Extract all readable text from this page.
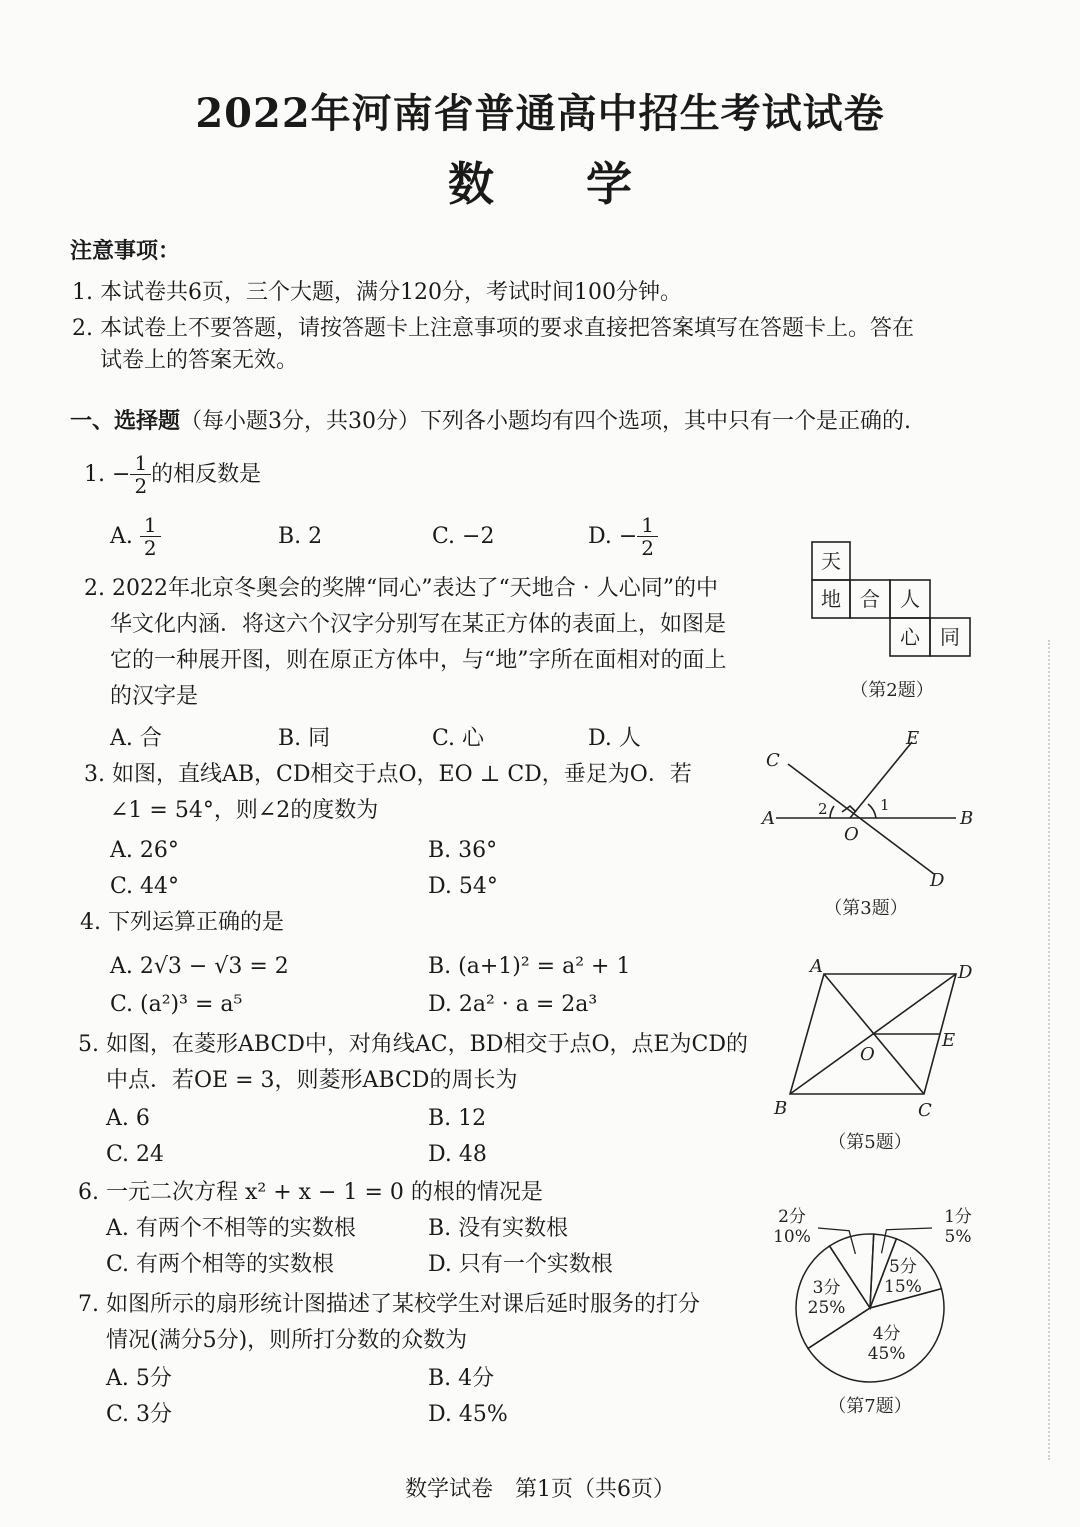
2022年河南省普通高中招生考试试卷
数 学
注意事项：
1. 本试卷共6页，三个大题，满分120分，考试时间100分钟。
2. 本试卷上不要答题，请按答题卡上注意事项的要求直接把答案填写在答题卡上。答在
试卷上的答案无效。
一、选择题（每小题3分，共30分）下列各小题均有四个选项，其中只有一个是正确的.
1.
− $\frac{1}{2}$ 的相反数是
A.
$\frac{1}{2}$	B. 2	C. −2	D. − $\frac{1}{2}$
2. 2022年北京冬奥会的奖牌“同心”表达了“天地合 · 人心同”的中
华文化内涵．将这六个汉字分别写在某正方体的表面上，如图是
它的一种展开图，则在原正方体中，与“地”字所在面相对的面上
的汉字是
A. 合	B. 同	C. 心	D. 人
天
地 合 人
心 同
（第2题）
3. 如图，直线AB，CD相交于点O，EO ⊥ CD，垂足为O．若
∠1 = 54°，则∠2的度数为
A. 26°	B. 36°
C. 44°	D. 54°
C
E
A	B
O
D
1
2
（第3题）
4. 下列运算正确的是
A. 2√3 − √3 = 2	B. (a+1)² = a² + 1
C. (a²)³ = a⁵	D. 2a² · a = 2a³
5. 如图，在菱形ABCD中，对角线AC，BD相交于点O，点E为CD的
中点．若OE = 3，则菱形ABCD的周长为
A. 6	B. 12
C. 24	D. 48
A	D
E
O
B	C
（第5题）
6. 一元二次方程 x² + x − 1 = 0 的根的情况是
A. 有两个不相等的实数根	B. 没有实数根
C. 有两个相等的实数根	D. 只有一个实数根
7. 如图所示的扇形统计图描述了某校学生对课后延时服务的打分
情况(满分5分)，则所打分数的众数为
A. 5分	B. 4分
C. 3分	D. 45%
1分
5%
5分
15%
4分
45%
3分
25%
2分
10%
（第7题）
数学试卷　第1页（共6页）
